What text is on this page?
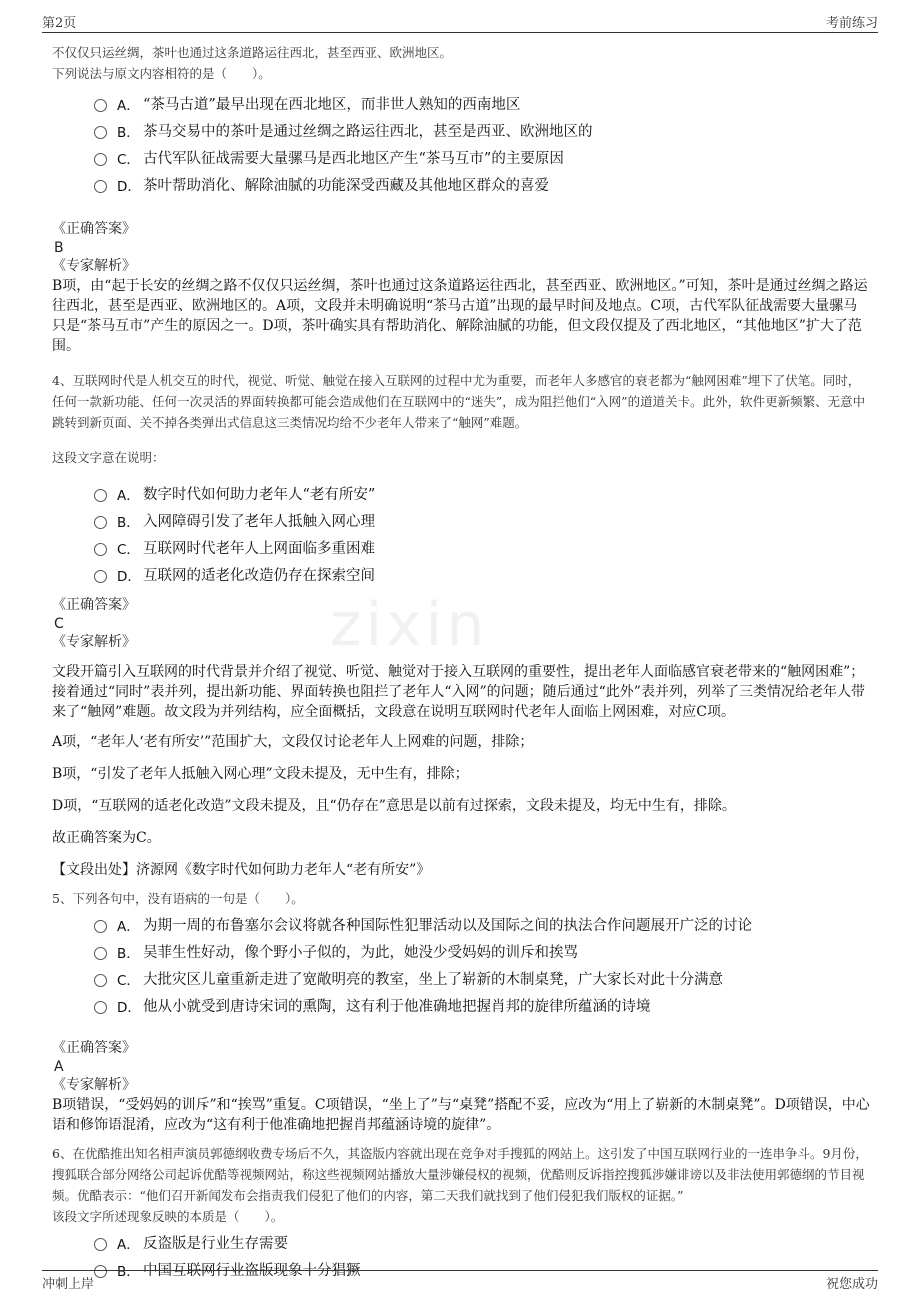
第2页	考前练习
zixin

不仅仅只运丝绸，茶叶也通过这条道路运往西北，甚至西亚、欧洲地区。

下列说法与原文内容相符的是（　　）。

A． “茶马古道”最早出现在西北地区，而非世人熟知的西南地区
B． 茶马交易中的茶叶是通过丝绸之路运往西北，甚至是西亚、欧洲地区的
C． 古代军队征战需要大量骡马是西北地区产生“茶马互市”的主要原因
D． 茶叶帮助消化、解除油腻的功能深受西藏及其他地区群众的喜爱

《正确答案》

B

《专家解析》

B项，由“起于长安的丝绸之路不仅仅只运丝绸，茶叶也通过这条道路运往西北，甚至西亚、欧洲地区。”可知，茶叶是通过丝绸之路运往西北，甚至是西亚、欧洲地区的。A项，文段并未明确说明“茶马古道”出现的最早时间及地点。C项，古代军队征战需要大量骡马只是“茶马互市”产生的原因之一。D项，茶叶确实具有帮助消化、解除油腻的功能，但文段仅提及了西北地区，“其他地区”扩大了范围。

4、互联网时代是人机交互的时代，视觉、听觉、触觉在接入互联网的过程中尤为重要，而老年人多感官的衰老都为“触网困难”埋下了伏笔。同时，任何一款新功能、任何一次灵活的界面转换都可能会造成他们在互联网中的“迷失”，成为阻拦他们“入网”的道道关卡。此外，软件更新频繁、无意中跳转到新页面、关不掉各类弹出式信息这三类情况均给不少老年人带来了“触网”难题。

这段文字意在说明：

A． 数字时代如何助力老年人“老有所安”
B． 入网障碍引发了老年人抵触入网心理
C． 互联网时代老年人上网面临多重困难
D． 互联网的适老化改造仍存在探索空间

《正确答案》

C

《专家解析》

文段开篇引入互联网的时代背景并介绍了视觉、听觉、触觉对于接入互联网的重要性，提出老年人面临感官衰老带来的“触网困难”；接着通过“同时”表并列，提出新功能、界面转换也阻拦了老年人“入网”的问题；随后通过“此外”表并列，列举了三类情况给老年人带来了“触网”难题。故文段为并列结构，应全面概括，文段意在说明互联网时代老年人面临上网困难，对应C项。

A项，“老年人‘老有所安’”范围扩大，文段仅讨论老年人上网难的问题，排除；

B项，“引发了老年人抵触入网心理”文段未提及，无中生有，排除；

D项，“互联网的适老化改造”文段未提及，且“仍存在”意思是以前有过探索，文段未提及，均无中生有，排除。

故正确答案为C。

【文段出处】济源网《数字时代如何助力老年人“老有所安”》

5、下列各句中，没有语病的一句是（　　）。

A． 为期一周的布鲁塞尔会议将就各种国际性犯罪活动以及国际之间的执法合作问题展开广泛的讨论
B． 吴菲生性好动，像个野小子似的，为此，她没少受妈妈的训斥和挨骂
C． 大批灾区儿童重新走进了宽敞明亮的教室，坐上了崭新的木制桌凳，广大家长对此十分满意
D． 他从小就受到唐诗宋词的熏陶，这有利于他准确地把握肖邦的旋律所蕴涵的诗境

《正确答案》

A

《专家解析》

B项错误，“受妈妈的训斥”和“挨骂”重复。C项错误，“坐上了”与“桌凳”搭配不妥，应改为“用上了崭新的木制桌凳”。D项错误，中心语和修饰语混淆，应改为“这有利于他准确地把握肖邦蕴涵诗境的旋律”。

6、在优酷推出知名相声演员郭德纲收费专场后不久，其盗版内容就出现在竞争对手搜狐的网站上。这引发了中国互联网行业的一连串争斗。9月份，搜狐联合部分网络公司起诉优酷等视频网站，称这些视频网站播放大量涉嫌侵权的视频，优酷则反诉指控搜狐涉嫌诽谤以及非法使用郭德纲的节目视频。优酷表示：“他们召开新闻发布会指责我们侵犯了他们的内容，第二天我们就找到了他们侵犯我们版权的证据。”

该段文字所述现象反映的本质是（　　）。

A． 反盗版是行业生存需要
B． 中国互联网行业盗版现象十分猖獗
冲刺上岸	祝您成功
